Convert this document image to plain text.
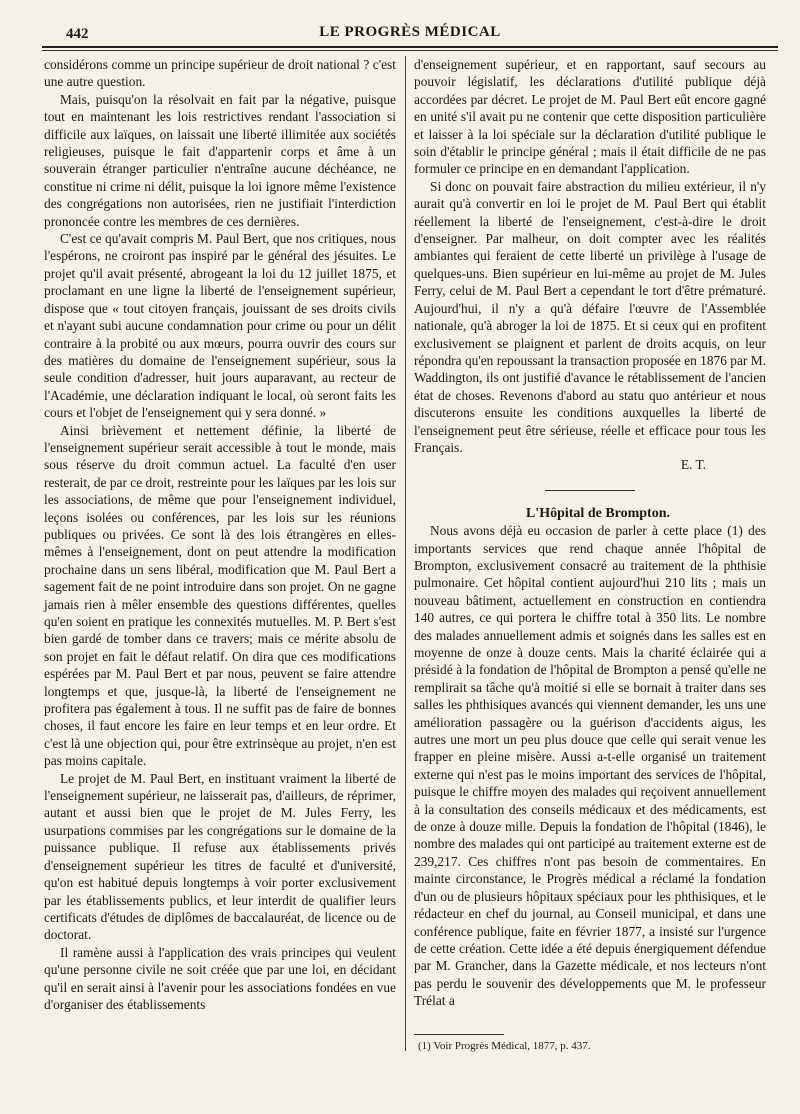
442	LE PROGRÈS MÉDICAL

considérons comme un principe supérieur de droit national ? c'est une autre question.

Mais, puisqu'on la résolvait en fait par la négative, puisque tout en maintenant les lois restrictives rendant l'association si difficile aux laïques, on laissait une liberté illimitée aux sociétés religieuses, puisque le fait d'appartenir corps et âme à un souverain étranger particulier n'entraîne aucune déchéance, ne constitue ni crime ni délit, puisque la loi ignore même l'existence des congrégations non autorisées, rien ne justifiait l'interdiction prononcée contre les membres de ces dernières.

C'est ce qu'avait compris M. Paul Bert, que nos critiques, nous l'espérons, ne croiront pas inspiré par le général des jésuites. Le projet qu'il avait présenté, abrogeant la loi du 12 juillet 1875, et proclamant en une ligne la liberté de l'enseignement supérieur, dispose que « tout citoyen français, jouissant de ses droits civils et n'ayant subi aucune condamnation pour crime ou pour un délit contraire à la probité ou aux mœurs, pourra ouvrir des cours sur des matières du domaine de l'enseignement supérieur, sous la seule condition d'adresser, huit jours auparavant, au recteur de l'Académie, une déclaration indiquant le local, où seront faits les cours et l'objet de l'enseignement qui y sera donné. »

Ainsi brièvement et nettement définie, la liberté de l'enseignement supérieur serait accessible à tout le monde, mais sous réserve du droit commun actuel. La faculté d'en user resterait, de par ce droit, restreinte pour les laïques par les lois sur les associations, de même que pour l'enseignement individuel, leçons isolées ou conférences, par les lois sur les réunions publiques ou privées. Ce sont là des lois étrangères en elles-mêmes à l'enseignement, dont on peut attendre la modification prochaine dans un sens libéral, modification que M. Paul Bert a sagement fait de ne point introduire dans son projet. On ne gagne jamais rien à mêler ensemble des questions différentes, quelles qu'en soient en pratique les connexités mutuelles. M. P. Bert s'est bien gardé de tomber dans ce travers; mais ce mérite absolu de son projet en fait le défaut relatif. On dira que ces modifications espérées par M. Paul Bert et par nous, peuvent se faire attendre longtemps et que, jusque-là, la liberté de l'enseignement ne profitera pas également à tous. Il ne suffit pas de faire de bonnes choses, il faut encore les faire en leur temps et en leur ordre. Et c'est là une objection qui, pour être extrinsèque au projet, n'en est pas moins capitale.

Le projet de M. Paul Bert, en instituant vraiment la liberté de l'enseignement supérieur, ne laisserait pas, d'ailleurs, de réprimer, autant et aussi bien que le projet de M. Jules Ferry, les usurpations commises par les congrégations sur le domaine de la puissance publique. Il refuse aux établissements privés d'enseignement supérieur les titres de faculté et d'université, qu'on est habitué depuis longtemps à voir porter exclusivement par les établissements publics, et leur interdit de qualifier leurs certificats d'études de diplômes de baccalauréat, de licence ou de doctorat.

Il ramène aussi à l'application des vrais principes qui veulent qu'une personne civile ne soit créée que par une loi, en décidant qu'il en serait ainsi à l'avenir pour les associations fondées en vue d'organiser des établissements

d'enseignement supérieur, et en rapportant, sauf secours au pouvoir législatif, les déclarations d'utilité publique déjà accordées par décret. Le projet de M. Paul Bert eût encore gagné en unité s'il avait pu ne contenir que cette disposition particulière et laisser à la loi spéciale sur la déclaration d'utilité publique le soin d'établir le principe général ; mais il était difficile de ne pas formuler ce principe en en demandant l'application.

Si donc on pouvait faire abstraction du milieu extérieur, il n'y aurait qu'à convertir en loi le projet de M. Paul Bert qui établit réellement la liberté de l'enseignement, c'est-à-dire le droit d'enseigner. Par malheur, on doit compter avec les réalités ambiantes qui feraient de cette liberté un privilège à l'usage de quelques-uns. Bien supérieur en lui-même au projet de M. Jules Ferry, celui de M. Paul Bert a cependant le tort d'être prématuré. Aujourd'hui, il n'y a qu'à défaire l'œuvre de l'Assemblée nationale, qu'à abroger la loi de 1875. Et si ceux qui en profitent exclusivement se plaignent et parlent de droits acquis, on leur répondra qu'en repoussant la transaction proposée en 1876 par M. Waddington, ils ont justifié d'avance le rétablissement de l'ancien état de choses. Revenons d'abord au statu quo antérieur et nous discuterons ensuite les conditions auxquelles la liberté de l'enseignement peut être sérieuse, réelle et efficace pour tous les Français.

E. T.

L'Hôpital de Brompton.

Nous avons déjà eu occasion de parler à cette place (1) des importants services que rend chaque année l'hôpital de Brompton, exclusivement consacré au traitement de la phthisie pulmonaire. Cet hôpital contient aujourd'hui 210 lits ; mais un nouveau bâtiment, actuellement en construction en contiendra 140 autres, ce qui portera le chiffre total à 350 lits. Le nombre des malades annuellement admis et soignés dans les salles est en moyenne de onze à douze cents. Mais la charité éclairée qui a présidé à la fondation de l'hôpital de Brompton a pensé qu'elle ne remplirait sa tâche qu'à moitié si elle se bornait à traiter dans ses salles les phthisiques avancés qui viennent demander, les uns une amélioration passagère ou la guérison d'accidents aigus, les autres une mort un peu plus douce que celle qui serait venue les frapper en pleine misère. Aussi a-t-elle organisé un traitement externe qui n'est pas le moins important des services de l'hôpital, puisque le chiffre moyen des malades qui reçoivent annuellement à la consultation des conseils médicaux et des médicaments, est de onze à douze mille. Depuis la fondation de l'hôpital (1846), le nombre des malades qui ont participé au traitement externe est de 239,217. Ces chiffres n'ont pas besoin de commentaires. En mainte circonstance, le Progrès médical a réclamé la fondation d'un ou de plusieurs hôpitaux spéciaux pour les phthisiques, et le rédacteur en chef du journal, au Conseil municipal, et dans une conférence publique, faite en février 1877, a insisté sur l'urgence de cette création. Cette idée a été depuis énergiquement défendue par M. Grancher, dans la Gazette médicale, et nos lecteurs n'ont pas perdu le souvenir des développements que M. le professeur Trélat a

(1) Voir Progrès Médical, 1877, p. 437.
